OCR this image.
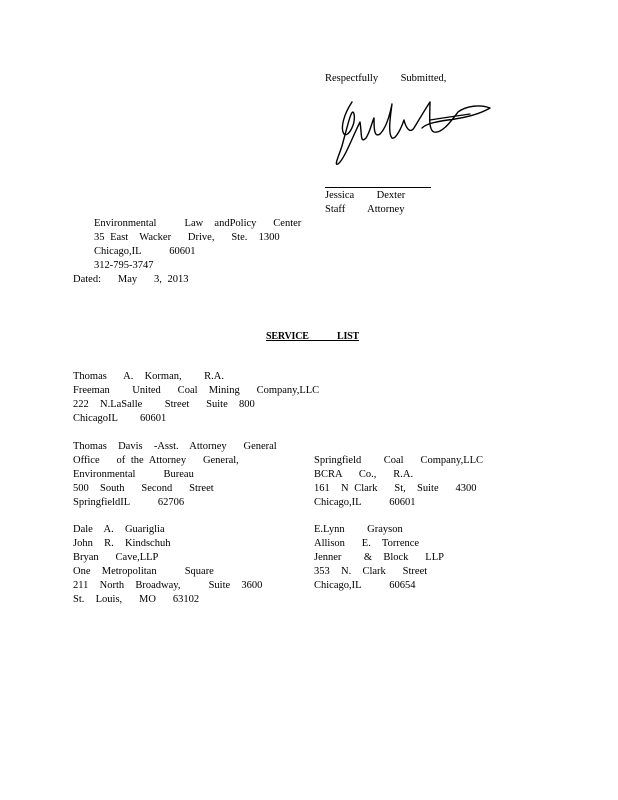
Respectfully    Submitted,
Jessica    Dexter
Staff    Attorney
Environmental     Law  andPolicy   Center
35 East  Wacker   Drive,   Ste.  1300
Chicago,IL     60601
312-795-3747
Dated:   May   3, 2013
SERVICE LIST
Thomas   A.  Korman,    R.A.
Freeman    United   Coal  Mining   Company,LLC
222  N.LaSalle    Street   Suite  800
ChicagoIL    60601
Thomas  Davis  -Asst.  Attorney   General
Office   of the Attorney   General,
Environmental     Bureau
500  South   Second   Street
SpringfieldIL     62706
Springfield    Coal   Company,LLC
BCRA   Co.,   R.A.
161  N Clark   St,  Suite   4300
Chicago,IL     60601
Dale  A.  Guariglia
John  R.  Kindschuh
Bryan   Cave,LLP
One  Metropolitan     Square
211  North  Broadway,     Suite  3600
St.  Louis,   MO   63102
E.Lynn    Grayson
Allison   E.  Torrence
Jenner    &  Block   LLP
353  N.  Clark   Street
Chicago,IL     60654
